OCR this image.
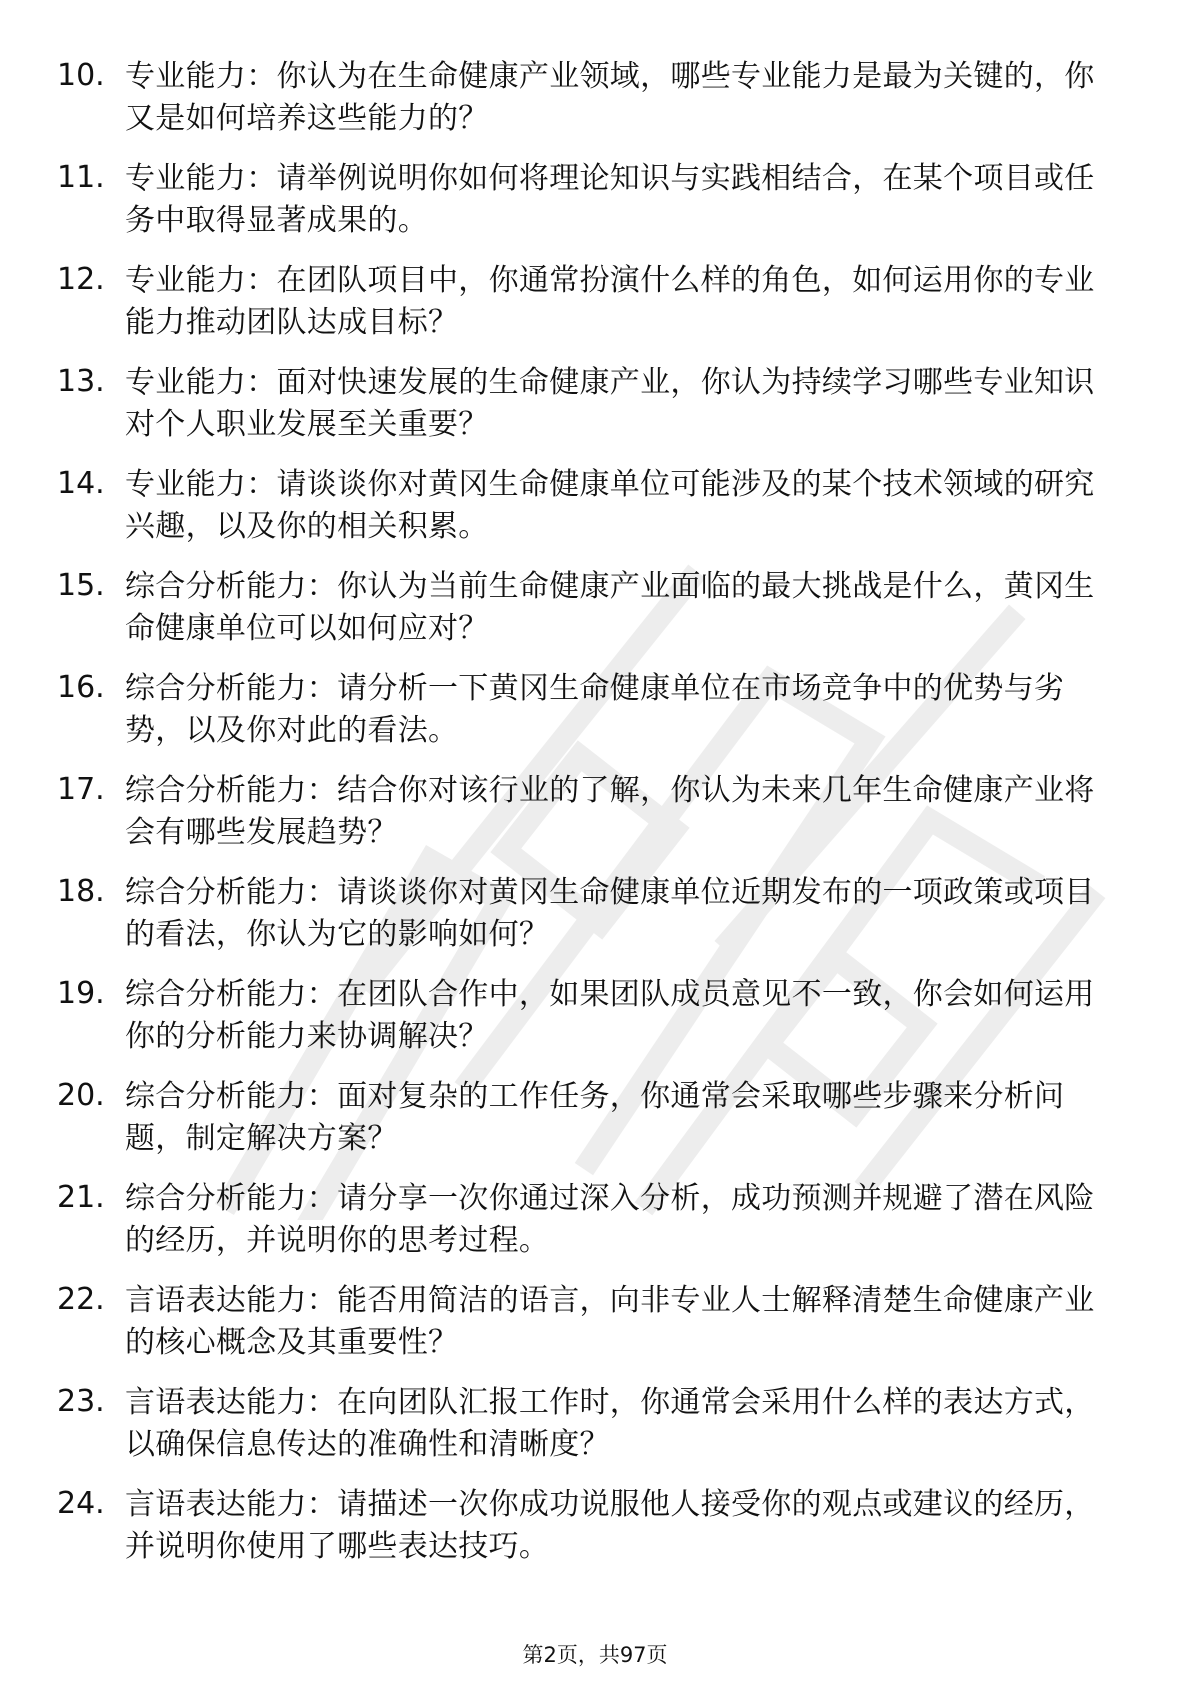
10. 专业能力：你认为在生命健康产业领域，哪些专业能力是最为关键的，你又是如何培养这些能力的？
11. 专业能力：请举例说明你如何将理论知识与实践相结合，在某个项目或任务中取得显著成果的。
12. 专业能力：在团队项目中，你通常扮演什么样的角色，如何运用你的专业能力推动团队达成目标？
13. 专业能力：面对快速发展的生命健康产业，你认为持续学习哪些专业知识对个人职业发展至关重要？
14. 专业能力：请谈谈你对黄冈生命健康单位可能涉及的某个技术领域的研究兴趣，以及你的相关积累。
15. 综合分析能力：你认为当前生命健康产业面临的最大挑战是什么，黄冈生命健康单位可以如何应对？
16. 综合分析能力：请分析一下黄冈生命健康单位在市场竞争中的优势与劣势，以及你对此的看法。
17. 综合分析能力：结合你对该行业的了解，你认为未来几年生命健康产业将会有哪些发展趋势？
18. 综合分析能力：请谈谈你对黄冈生命健康单位近期发布的一项政策或项目的看法，你认为它的影响如何？
19. 综合分析能力：在团队合作中，如果团队成员意见不一致，你会如何运用你的分析能力来协调解决？
20. 综合分析能力：面对复杂的工作任务，你通常会采取哪些步骤来分析问题，制定解决方案？
21. 综合分析能力：请分享一次你通过深入分析，成功预测并规避了潜在风险的经历，并说明你的思考过程。
22. 言语表达能力：能否用简洁的语言，向非专业人士解释清楚生命健康产业的核心概念及其重要性？
23. 言语表达能力：在向团队汇报工作时，你通常会采用什么样的表达方式，以确保信息传达的准确性和清晰度？
24. 言语表达能力：请描述一次你成功说服他人接受你的观点或建议的经历，并说明你使用了哪些表达技巧。
第2页，共97页
